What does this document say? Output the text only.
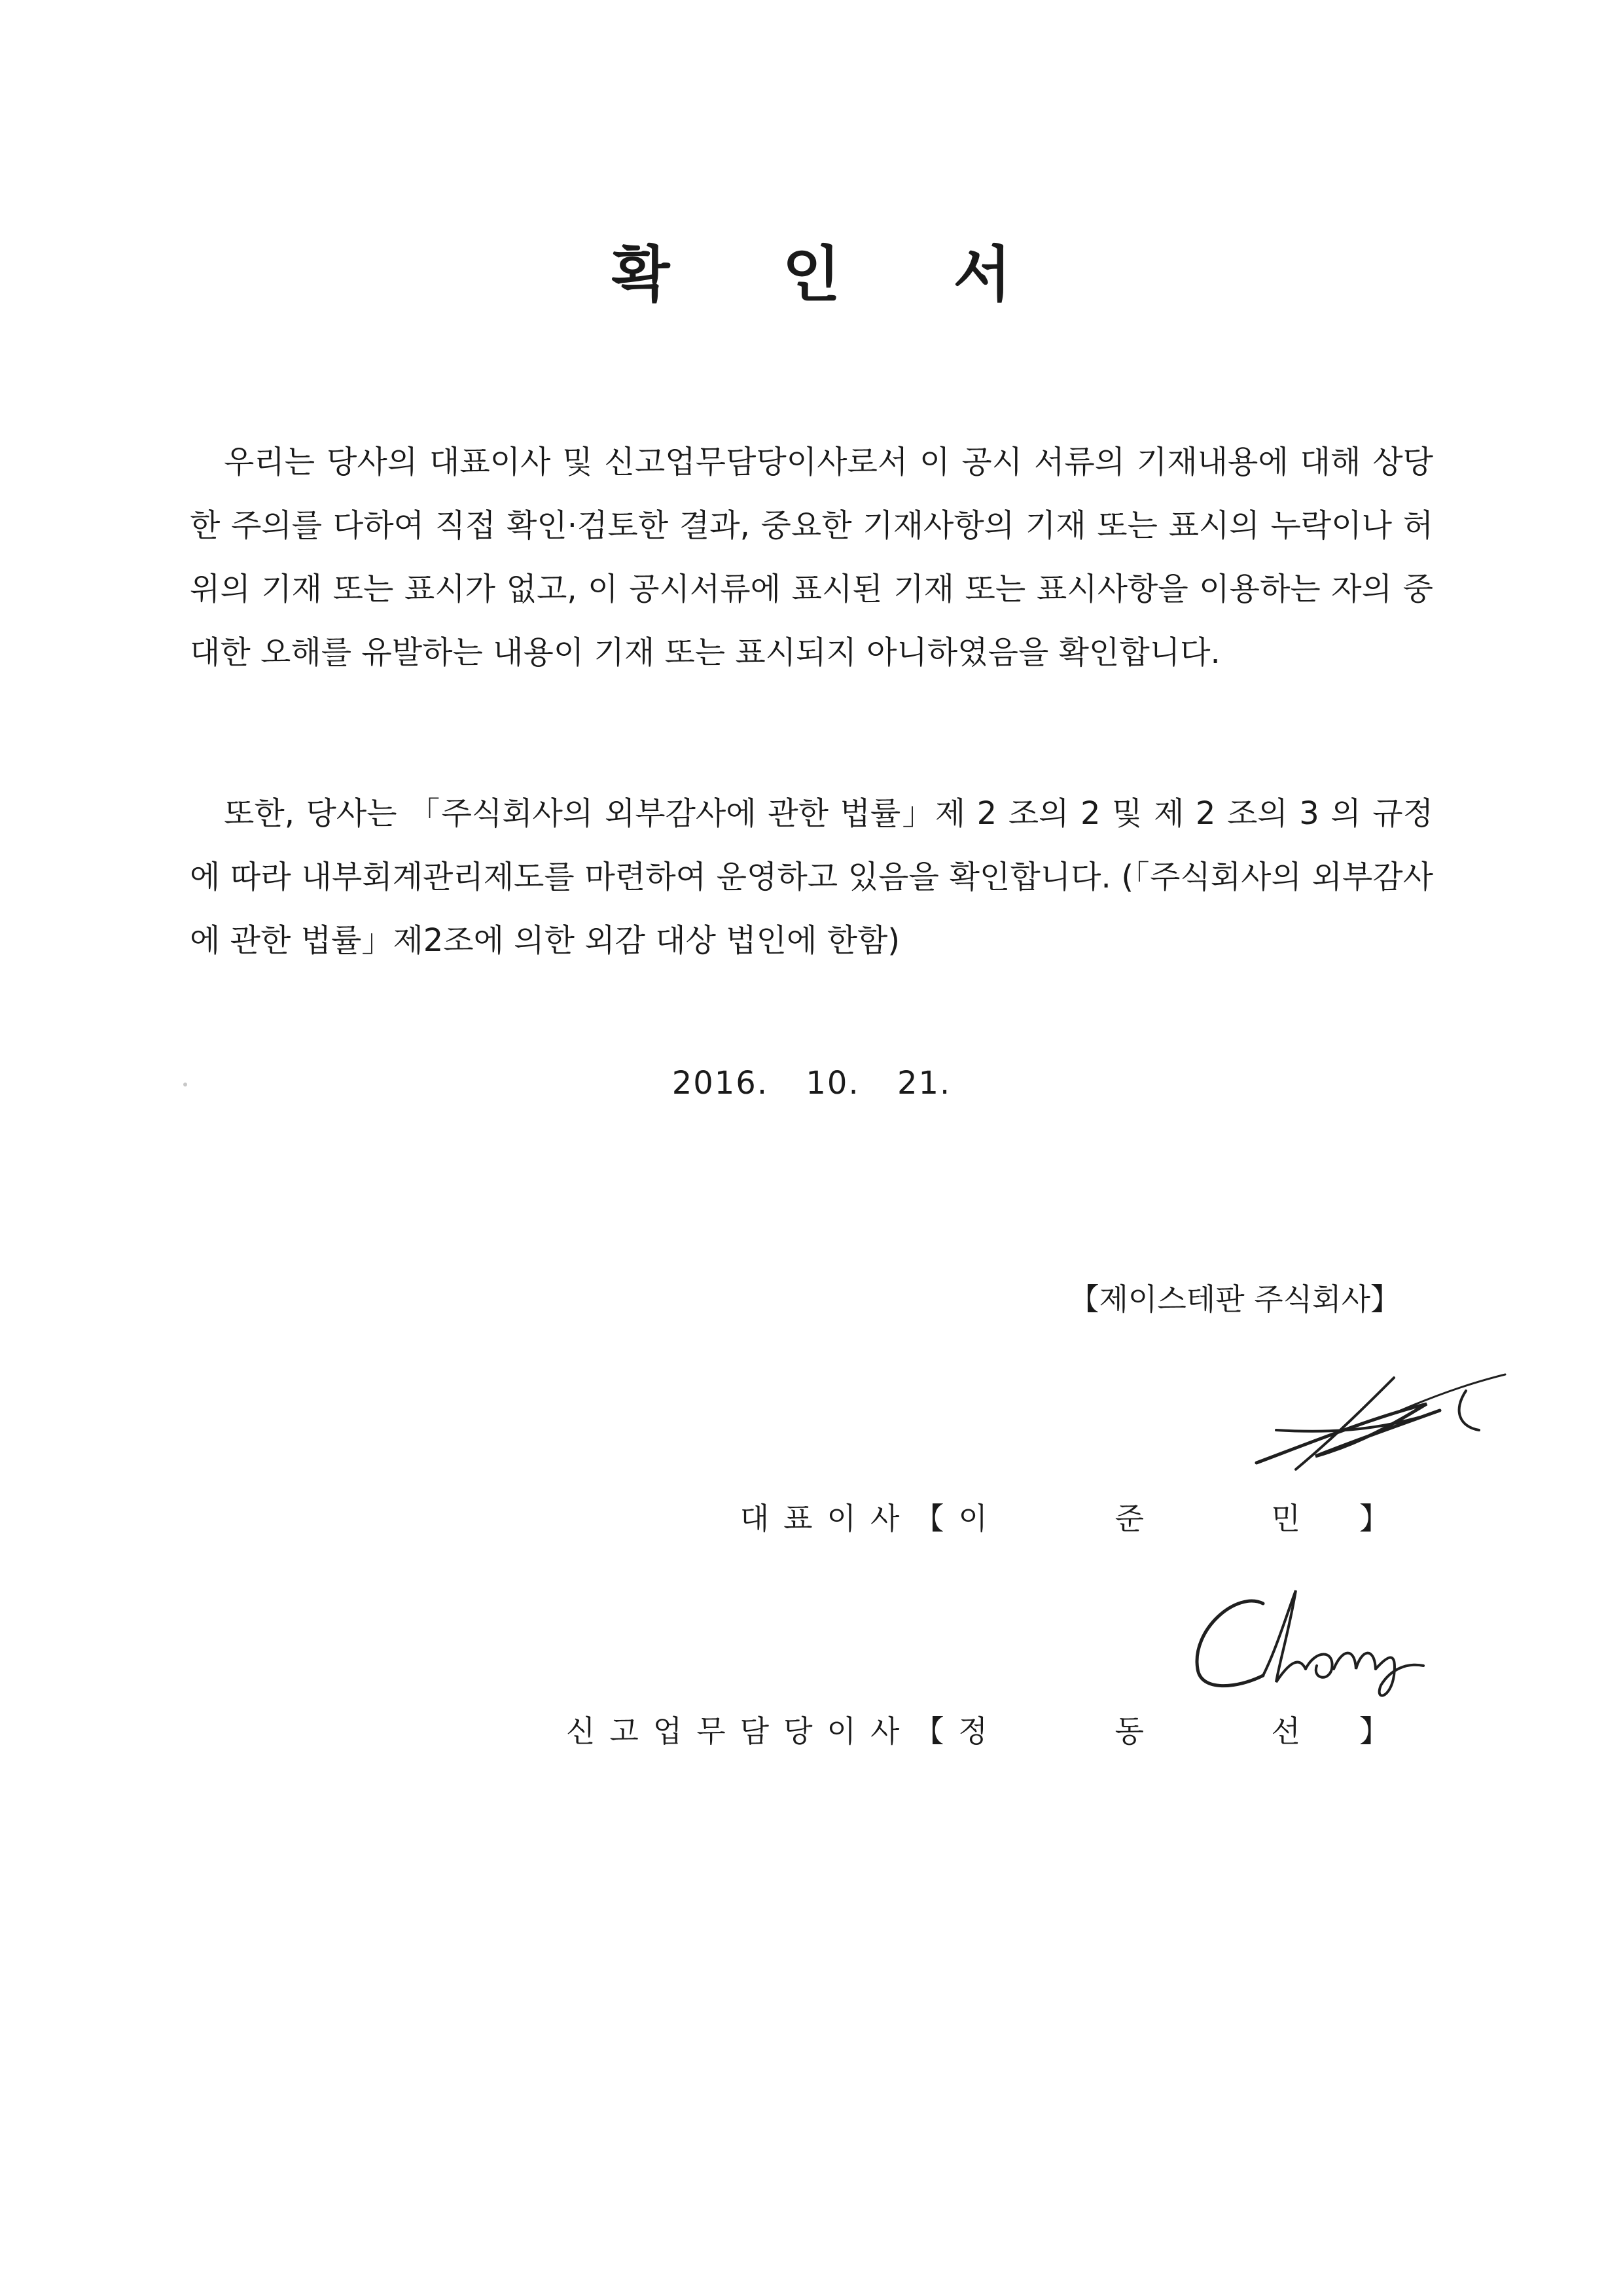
확 인 서

우리는 당사의 대표이사 및 신고업무담당이사로서 이 공시 서류의 기재내용에 대해 상당한 주의를 다하여 직접 확인·검토한 결과, 중요한 기재사항의 기재 또는 표시의 누락이나 허위의 기재 또는 표시가 없고, 이 공시서류에 표시된 기재 또는 표시사항을 이용하는 자의 중대한 오해를 유발하는 내용이 기재 또는 표시되지 아니하였음을 확인합니다.

또한, 당사는 「주식회사의 외부감사에 관한 법률」제 2 조의 2 및 제 2 조의 3 의 규정에 따라 내부회계관리제도를 마련하여 운영하고 있음을 확인합니다. (「주식회사의 외부감사에 관한 법률」제2조에 의한 외감 대상 법인에 한함)

2016. 10. 21.
【제이스테판 주식회사】
대표이사【이 준 민】
신고업무담당이사【정 동 선】
